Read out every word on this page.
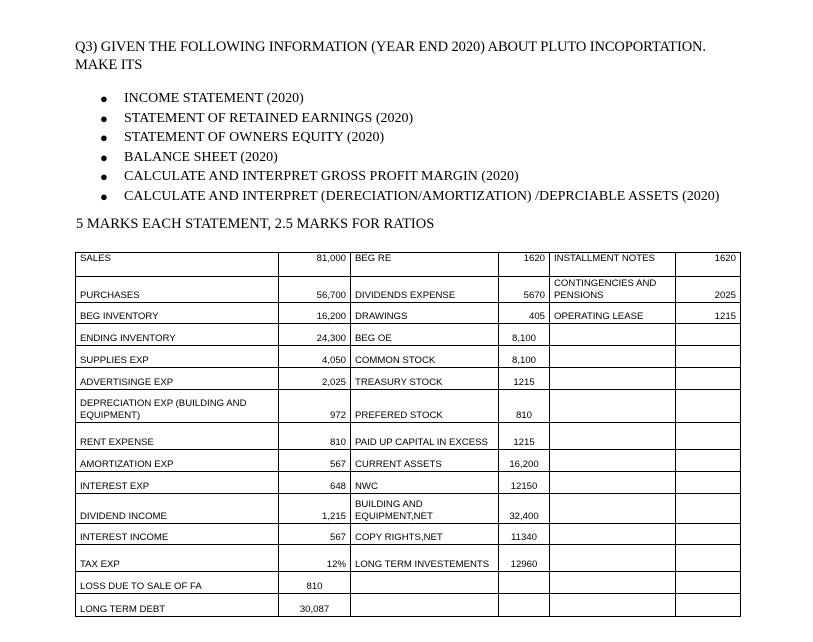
Q3) GIVEN THE FOLLOWING INFORMATION (YEAR END 2020) ABOUT PLUTO INCOPORTATION.
MAKE ITS
● INCOME STATEMENT (2020)
● STATEMENT OF RETAINED EARNINGS (2020)
● STATEMENT OF OWNERS EQUITY (2020)
● BALANCE SHEET (2020)
● CALCULATE AND INTERPRET GROSS PROFIT MARGIN (2020)
● CALCULATE AND INTERPRET (DERECIATION/AMORTIZATION) /DEPRCIABLE ASSETS (2020)
5 MARKS EACH STATEMENT, 2.5 MARKS FOR RATIOS
SALES	81,000	BEG RE	1620	INSTALLMENT NOTES	1620
PURCHASES	56,700	DIVIDENDS EXPENSE	5670	CONTINGENCIES AND PENSIONS	2025
BEG INVENTORY	16,200	DRAWINGS	405	OPERATING LEASE	1215
ENDING INVENTORY	24,300	BEG OE	8,100		
SUPPLIES EXP	4,050	COMMON STOCK	8,100		
ADVERTISINGE EXP	2,025	TREASURY STOCK	1215		
DEPRECIATION EXP (BUILDING AND EQUIPMENT)	972	PREFERED STOCK	810		
RENT EXPENSE	810	PAID UP CAPITAL IN EXCESS	1215		
AMORTIZATION EXP	567	CURRENT ASSETS	16,200		
INTEREST EXP	648	NWC	12150		
DIVIDEND INCOME	1,215	BUILDING AND EQUIPMENT,NET	32,400		
INTEREST INCOME	567	COPY RIGHTS,NET	11340		
TAX EXP	12%	LONG TERM INVESTEMENTS	12960		
LOSS DUE TO SALE OF FA	810				
LONG TERM DEBT	30,087				
